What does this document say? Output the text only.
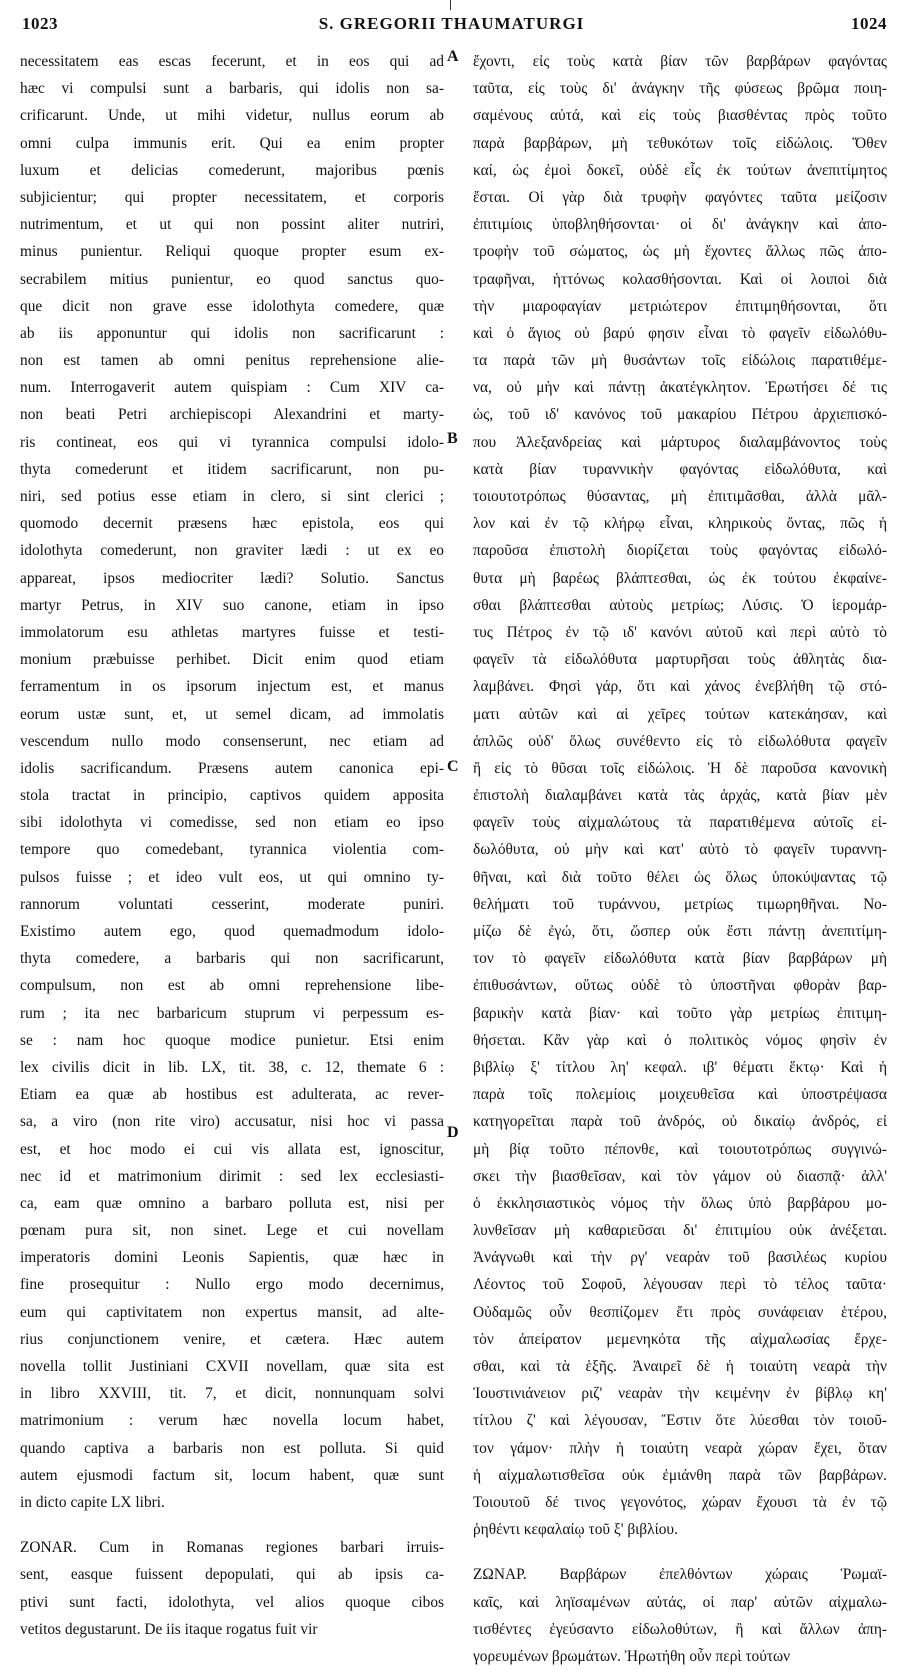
1023	S. GREGORII THAUMATURGI	1024
A
B
C
D
necessitatem eas escas fecerunt, et in eos qui ad
hæc vi compulsi sunt a barbaris, qui idolis non sa-
crificarunt. Unde, ut mihi videtur, nullus eorum ab
omni culpa immunis erit. Qui ea enim propter
luxum et delicias comederunt, majoribus pœnis
subjicientur; qui propter necessitatem, et corporis
nutrimentum, et ut qui non possint aliter nutriri,
minus punientur. Reliqui quoque propter esum ex-
secrabilem mitius punientur, eo quod sanctus quo-
que dicit non grave esse idolothyta comedere, quæ
ab iis apponuntur qui idolis non sacrificarunt :
non est tamen ab omni penitus reprehensione alie-
num. Interrogaverit autem quispiam : Cum XIV ca-
non beati Petri archiepiscopi Alexandrini et marty-
ris contineat, eos qui vi tyrannica compulsi idolo-
thyta comederunt et itidem sacrificarunt, non pu-
niri, sed potius esse etiam in clero, si sint clerici ;
quomodo decernit præsens hæc epistola, eos qui
idolothyta comederunt, non graviter lædi : ut ex eo
appareat, ipsos mediocriter lædi? Solutio. Sanctus
martyr Petrus, in XIV suo canone, etiam in ipso
immolatorum esu athletas martyres fuisse et testi-
monium præbuisse perhibet. Dicit enim quod etiam
ferramentum in os ipsorum injectum est, et manus
eorum ustæ sunt, et, ut semel dicam, ad immolatis
vescendum nullo modo consenserunt, nec etiam ad
idolis sacrificandum. Præsens autem canonica epi-
stola tractat in principio, captivos quidem apposita
sibi idolothyta vi comedisse, sed non etiam eo ipso
tempore quo comedebant, tyrannica violentia com-
pulsos fuisse ; et ideo vult eos, ut qui omnino ty-
rannorum voluntati cesserint, moderate puniri.
Existimo autem ego, quod quemadmodum idolo-
thyta comedere, a barbaris qui non sacrificarunt,
compulsum, non est ab omni reprehensione libe-
rum ; ita nec barbaricum stuprum vi perpessum es-
se : nam hoc quoque modice punietur. Etsi enim
lex civilis dicit in lib. LX, tit. 38, c. 12, themate 6 :
Etiam ea quæ ab hostibus est adulterata, ac rever-
sa, a viro (non rite viro) accusatur, nisi hoc vi passa
est, et hoc modo ei cui vis allata est, ignoscitur,
nec id et matrimonium dirimit : sed lex ecclesiasti-
ca, eam quæ omnino a barbaro polluta est, nisi per
pœnam pura sit, non sinet. Lege et cui novellam
imperatoris domini Leonis Sapientis, quæ hæc in
fine prosequitur : Nullo ergo modo decernimus,
eum qui captivitatem non expertus mansit, ad alte-
rius conjunctionem venire, et cætera. Hæc autem
novella tollit Justiniani CXVII novellam, quæ sita est
in libro XXVIII, tit. 7, et dicit, nonnunquam solvi
matrimonium : verum hæc novella locum habet,
quando captiva a barbaris non est polluta. Si quid
autem ejusmodi factum sit, locum habent, quæ sunt
in dicto capite LX libri.
ZONAR. Cum in Romanas regiones barbari irruis-
sent, easque fuissent depopulati, qui ab ipsis ca-
ptivi sunt facti, idolothyta, vel alios quoque cibos
vetitos degustarunt. De iis itaque rogatus fuit vir
ἔχοντι, εἰς τοὺς κατὰ βίαν τῶν βαρβάρων φαγόντας
ταῦτα, εἰς τοὺς δι' ἀνάγκην τῆς φύσεως βρῶμα ποιη-
σαμένους αὐτά, καὶ εἰς τοὺς βιασθέντας πρὸς τοῦτο
παρὰ βαρβάρων, μὴ τεθυκότων τοῖς εἰδώλοις. Ὅθεν
καί, ὡς ἐμοὶ δοκεῖ, οὐδὲ εἷς ἐκ τούτων ἀνεπιτίμητος
ἔσται. Οἱ γὰρ διὰ τρυφὴν φαγόντες ταῦτα μείζοσιν
ἐπιτιμίοις ὑποβληθήσονται· οἱ δι' ἀνάγκην καὶ ἀπο-
τροφὴν τοῦ σώματος, ὡς μὴ ἔχοντες ἄλλως πῶς ἀπο-
τραφῆναι, ἡττόνως κολασθήσονται. Καὶ οἱ λοιποὶ διὰ
τὴν μιαροφαγίαν μετριώτερον ἐπιτιμηθήσονται, ὅτι
καὶ ὁ ἅγιος οὐ βαρύ φησιν εἶναι τὸ φαγεῖν εἰδωλόθυ-
τα παρὰ τῶν μὴ θυσάντων τοῖς εἰδώλοις παρατιθέμε-
να, οὐ μὴν καὶ πάντῃ ἀκατέγκλητον. Ἐρωτήσει δέ τις
ὡς, τοῦ ιδ' κανόνος τοῦ μακαρίου Πέτρου ἀρχιεπισκό-
που Ἀλεξανδρείας καὶ μάρτυρος διαλαμβάνοντος τοὺς
κατὰ βίαν τυραννικὴν φαγόντας εἰδωλόθυτα, καὶ
τοιουτοτρόπως θύσαντας, μὴ ἐπιτιμᾶσθαι, ἀλλὰ μᾶλ-
λον καὶ ἐν τῷ κλήρῳ εἶναι, κληρικοὺς ὄντας, πῶς ἡ
παροῦσα ἐπιστολὴ διορίζεται τοὺς φαγόντας εἰδωλό-
θυτα μὴ βαρέως βλάπτεσθαι, ὡς ἐκ τούτου ἐκφαίνε-
σθαι βλάπτεσθαι αὐτοὺς μετρίως; Λύσις. Ὁ ἱερομάρ-
τυς Πέτρος ἐν τῷ ιδ' κανόνι αὐτοῦ καὶ περὶ αὐτὸ τὸ
φαγεῖν τὰ εἰδωλόθυτα μαρτυρῆσαι τοὺς ἀθλητὰς δια-
λαμβάνει. Φησὶ γάρ, ὅτι καὶ χάνος ἐνεβλήθη τῷ στό-
ματι αὐτῶν καὶ αἱ χεῖρες τούτων κατεκάησαν, καὶ
ἁπλῶς οὐδ' ὅλως συνέθεντο εἰς τὸ εἰδωλόθυτα φαγεῖν
ἢ εἰς τὸ θῦσαι τοῖς εἰδώλοις. Ἡ δὲ παροῦσα κανονικὴ
ἐπιστολὴ διαλαμβάνει κατὰ τὰς ἀρχάς, κατὰ βίαν μὲν
φαγεῖν τοὺς αἰχμαλώτους τὰ παρατιθέμενα αὐτοῖς εἰ-
δωλόθυτα, οὐ μὴν καὶ κατ' αὐτὸ τὸ φαγεῖν τυραννη-
θῆναι, καὶ διὰ τοῦτο θέλει ὡς ὅλως ὑποκύψαντας τῷ
θελήματι τοῦ τυράννου, μετρίως τιμωρηθῆναι. Νο-
μίζω δὲ ἐγώ, ὅτι, ὥσπερ οὐκ ἔστι πάντῃ ἀνεπιτίμη-
τον τὸ φαγεῖν εἰδωλόθυτα κατὰ βίαν βαρβάρων μὴ
ἐπιθυσάντων, οὕτως οὐδὲ τὸ ὑποστῆναι φθορὰν βαρ-
βαρικὴν κατὰ βίαν· καὶ τοῦτο γὰρ μετρίως ἐπιτιμη-
θήσεται. Κἂν γὰρ καὶ ὁ πολιτικὸς νόμος φησὶν ἐν
βιβλίῳ ξ' τίτλου λη' κεφαλ. ιβ' θέματι ἕκτῳ· Καὶ ἡ
παρὰ τοῖς πολεμίοις μοιχευθεῖσα καὶ ὑποστρέψασα
κατηγορεῖται παρὰ τοῦ ἀνδρός, οὐ δικαίῳ ἀνδρός, εἰ
μὴ βίᾳ τοῦτο πέπονθε, καὶ τοιουτοτρόπως συγγινώ-
σκει τὴν βιασθεῖσαν, καὶ τὸν γάμον οὐ διασπᾷ· ἀλλ'
ὁ ἐκκλησιαστικὸς νόμος τὴν ὅλως ὑπὸ βαρβάρου μο-
λυνθεῖσαν μὴ καθαριεῦσαι δι' ἐπιτιμίου οὐκ ἀνέξεται.
Ἀνάγνωθι καὶ τὴν ργ' νεαρὰν τοῦ βασιλέως κυρίου
Λέοντος τοῦ Σοφοῦ, λέγουσαν περὶ τὸ τέλος ταῦτα·
Οὐδαμῶς οὖν θεσπίζομεν ἔτι πρὸς συνάφειαν ἑτέρου,
τὸν ἀπείρατον μεμενηκότα τῆς αἰχμαλωσίας ἔρχε-
σθαι, καὶ τὰ ἑξῆς. Ἀναιρεῖ δὲ ἡ τοιαύτη νεαρὰ τὴν
Ἰουστινιάνειον ριζ' νεαρὰν τὴν κειμένην ἐν βίβλῳ κη'
τίτλου ζ' καὶ λέγουσαν, Ἔστιν ὅτε λύεσθαι τὸν τοιοῦ-
τον γάμον· πλὴν ἡ τοιαύτη νεαρὰ χώραν ἔχει, ὅταν
ἡ αἰχμαλωτισθεῖσα οὐκ ἐμιάνθη παρὰ τῶν βαρβάρων.
Τοιουτοῦ δέ τινος γεγονότος, χώραν ἔχουσι τὰ ἐν τῷ
ῥηθέντι κεφαλαίῳ τοῦ ξ' βιβλίου.
ΖΩΝΑΡ. Βαρβάρων ἐπελθόντων χώραις Ῥωμαϊ-
καῖς, καὶ ληϊσαμένων αὐτάς, οἱ παρ' αὐτῶν αἰχμαλω-
τισθέντες ἐγεύσαντο εἰδωλοθύτων, ἢ καὶ ἄλλων ἀπη-
γορευμένων βρωμάτων. Ἠρωτήθη οὖν περὶ τούτων
